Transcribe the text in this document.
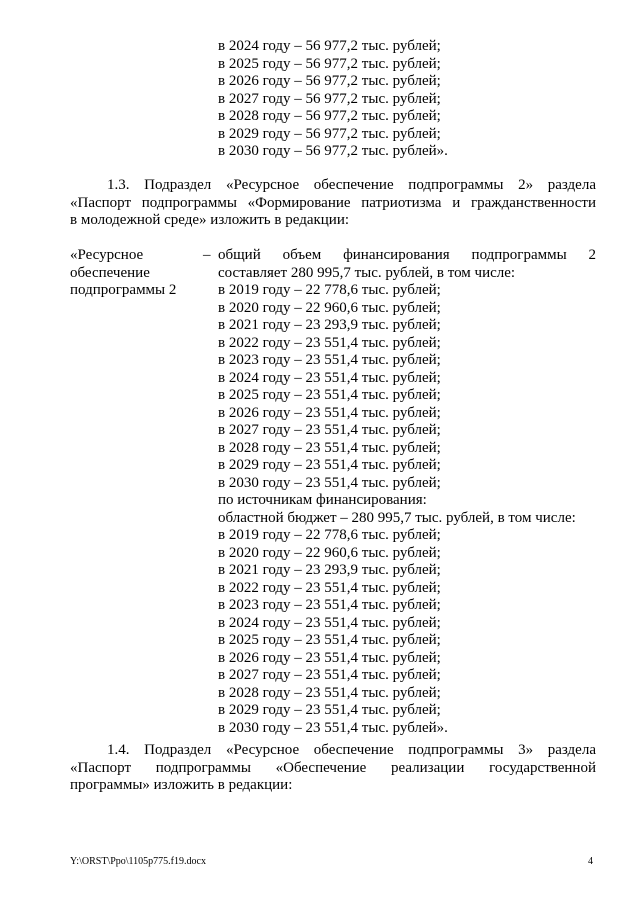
в 2024 году – 56 977,2 тыс. рублей;
в 2025 году – 56 977,2 тыс. рублей;
в 2026 году – 56 977,2 тыс. рублей;
в 2027 году – 56 977,2 тыс. рублей;
в 2028 году – 56 977,2 тыс. рублей;
в 2029 году – 56 977,2 тыс. рублей;
в 2030 году – 56 977,2 тыс. рублей».
1.3. Подраздел «Ресурсное обеспечение подпрограммы 2» раздела
«Паспорт подпрограммы «Формирование патриотизма и гражданственности
в молодежной среде» изложить в редакции:
«Ресурсное
обеспечение
подпрограммы 2
– общий объем финансирования подпрограммы 2
составляет 280 995,7 тыс. рублей, в том числе:
в 2019 году – 22 778,6 тыс. рублей;
в 2020 году – 22 960,6 тыс. рублей;
в 2021 году – 23 293,9 тыс. рублей;
в 2022 году – 23 551,4 тыс. рублей;
в 2023 году – 23 551,4 тыс. рублей;
в 2024 году – 23 551,4 тыс. рублей;
в 2025 году – 23 551,4 тыс. рублей;
в 2026 году – 23 551,4 тыс. рублей;
в 2027 году – 23 551,4 тыс. рублей;
в 2028 году – 23 551,4 тыс. рублей;
в 2029 году – 23 551,4 тыс. рублей;
в 2030 году – 23 551,4 тыс. рублей;
по источникам финансирования:
областной бюджет – 280 995,7 тыс. рублей, в том числе:
в 2019 году – 22 778,6 тыс. рублей;
в 2020 году – 22 960,6 тыс. рублей;
в 2021 году – 23 293,9 тыс. рублей;
в 2022 году – 23 551,4 тыс. рублей;
в 2023 году – 23 551,4 тыс. рублей;
в 2024 году – 23 551,4 тыс. рублей;
в 2025 году – 23 551,4 тыс. рублей;
в 2026 году – 23 551,4 тыс. рублей;
в 2027 году – 23 551,4 тыс. рублей;
в 2028 году – 23 551,4 тыс. рублей;
в 2029 году – 23 551,4 тыс. рублей;
в 2030 году – 23 551,4 тыс. рублей».
1.4. Подраздел «Ресурсное обеспечение подпрограммы 3» раздела
«Паспорт подпрограммы «Обеспечение реализации государственной
программы» изложить в редакции:
Y:\ORST\Ppo\1105p775.f19.docx	4
